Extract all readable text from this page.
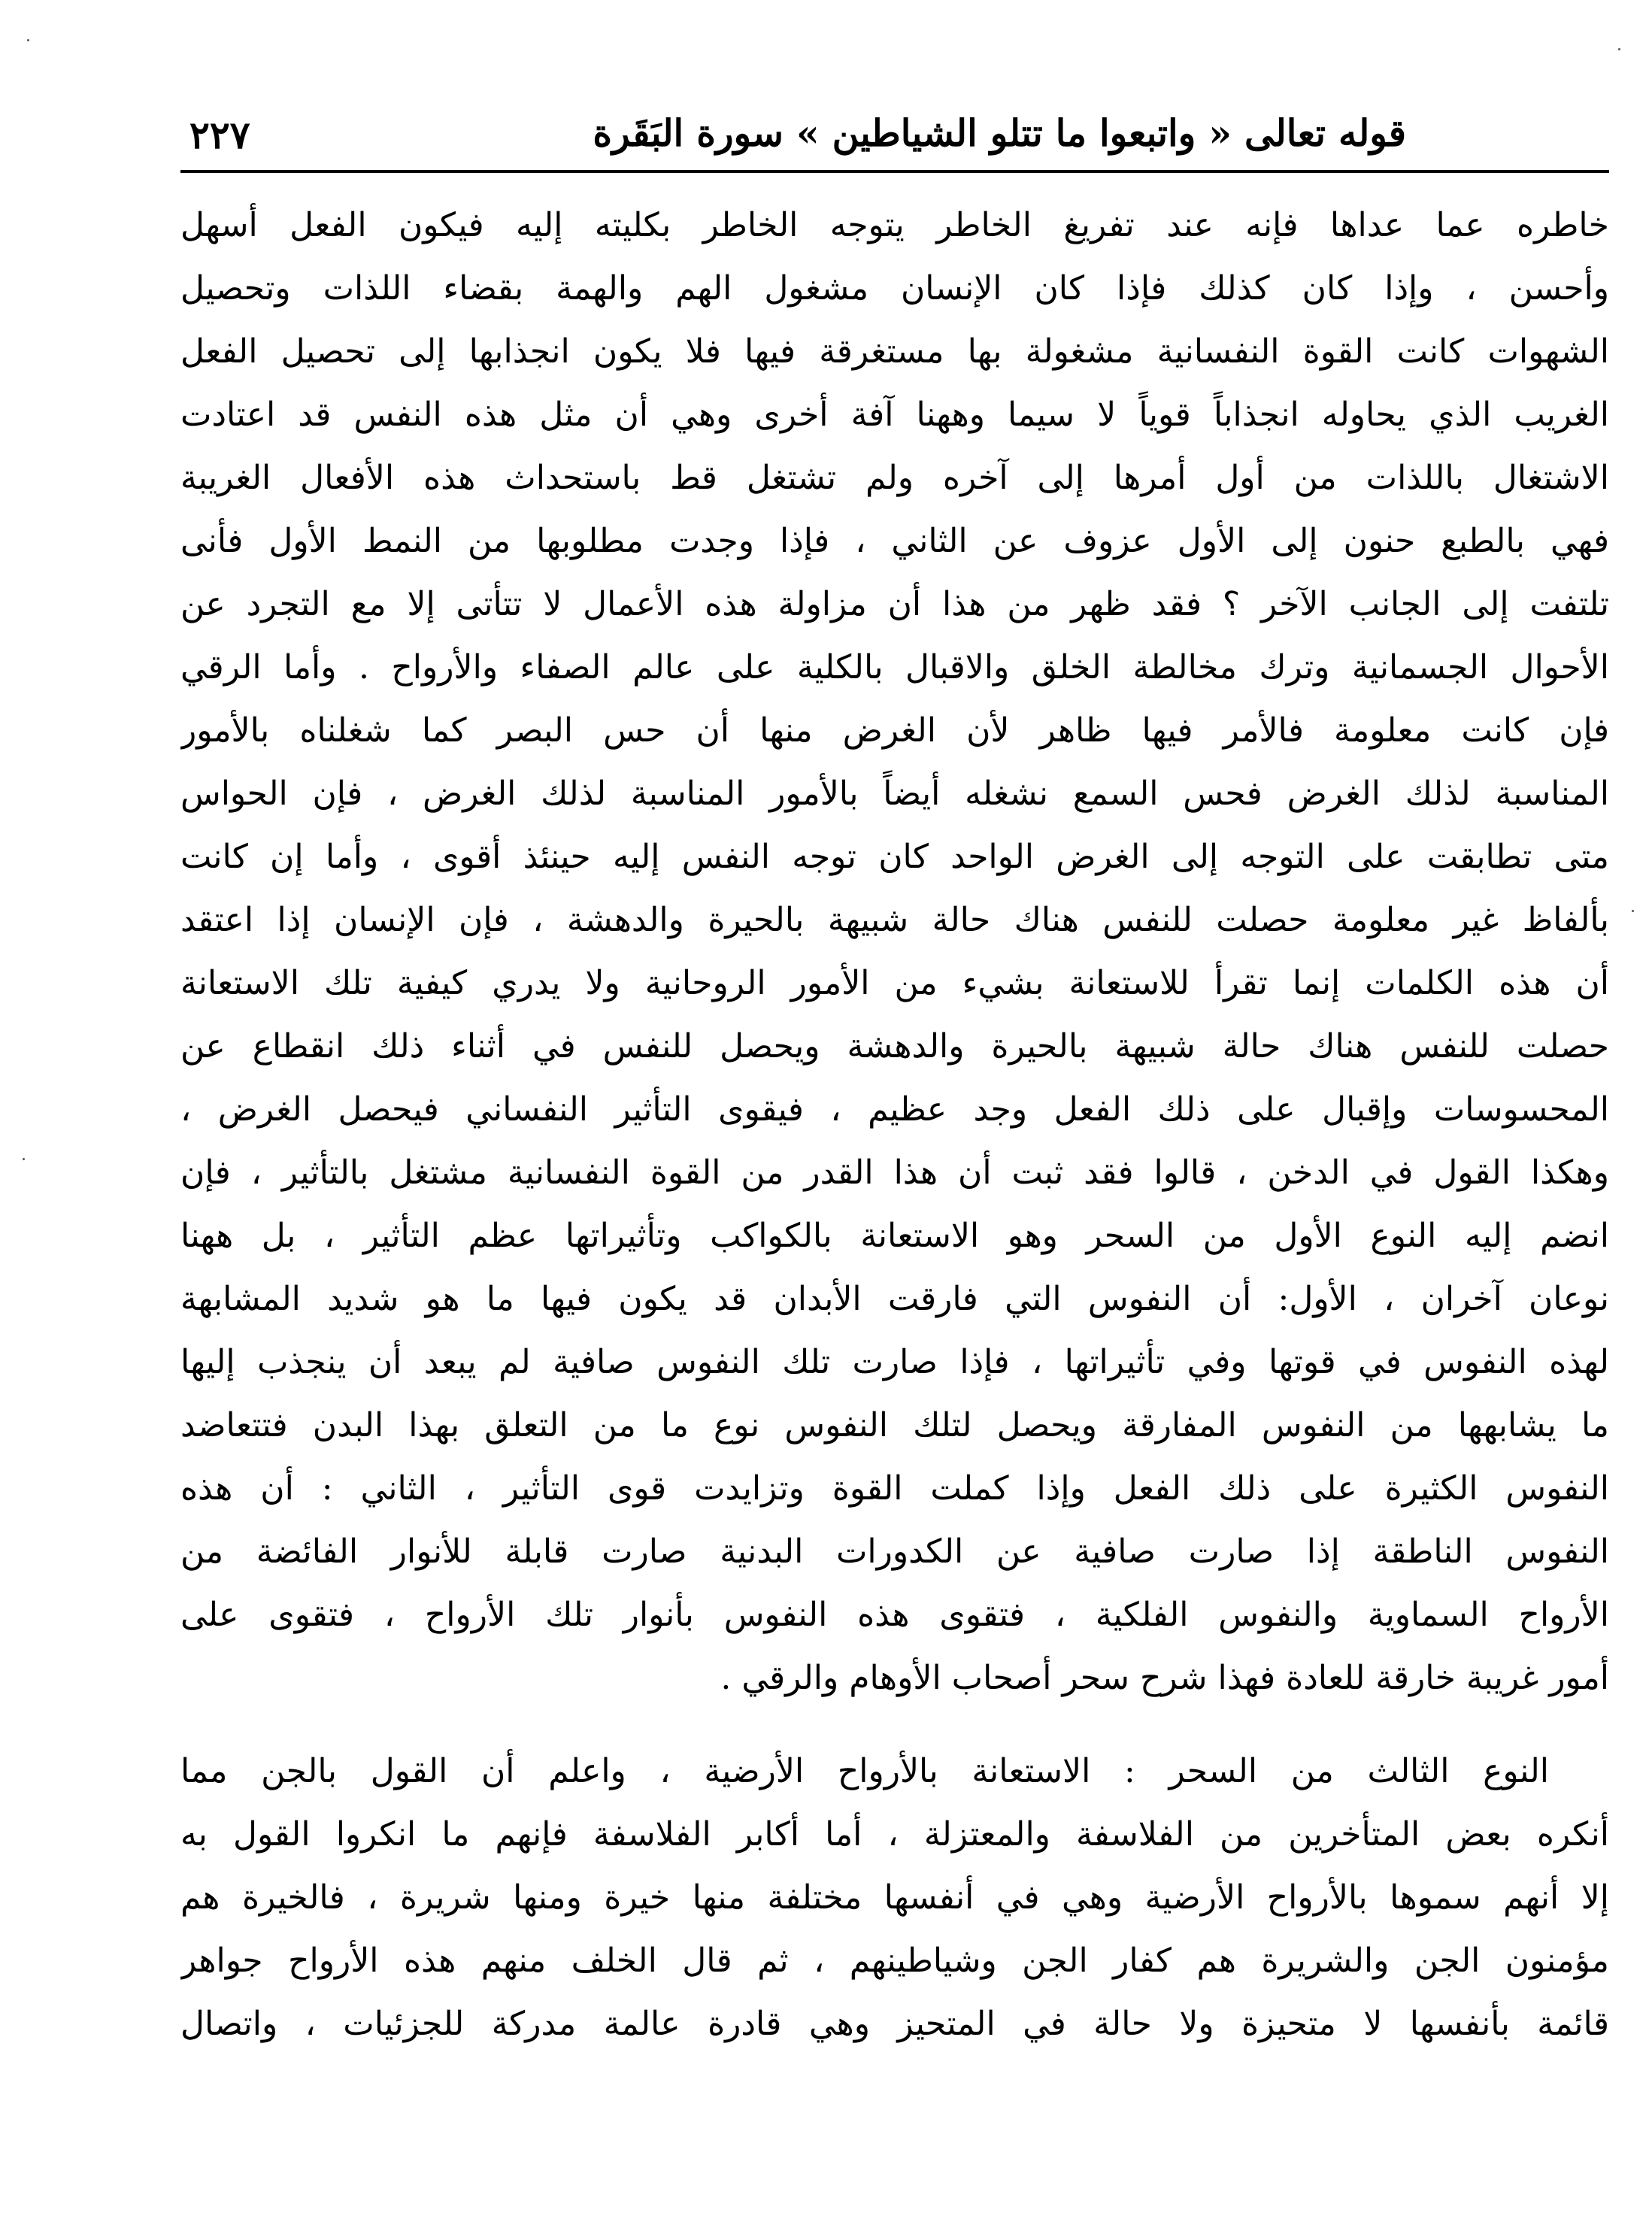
قوله تعالى « واتبعوا ما تتلو الشياطين » سورة البَقَرة
٢٢٧
خاطره عما عداها فإنه عند تفريغ الخاطر يتوجه الخاطر بكليته إليه فيكون الفعل أسهل
وأحسن ، وإذا كان كذلك فإذا كان الإنسان مشغول الهم والهمة بقضاء اللذات وتحصيل
الشهوات كانت القوة النفسانية مشغولة بها مستغرقة فيها فلا يكون انجذابها إلى تحصيل الفعل
الغريب الذي يحاوله انجذاباً قوياً لا سيما وههنا آفة أخرى وهي أن مثل هذه النفس قد اعتادت
الاشتغال باللذات من أول أمرها إلى آخره ولم تشتغل قط باستحداث هذه الأفعال الغريبة
فهي بالطبع حنون إلى الأول عزوف عن الثاني ، فإذا وجدت مطلوبها من النمط الأول فأنى
تلتفت إلى الجانب الآخر ؟ فقد ظهر من هذا أن مزاولة هذه الأعمال لا تتأتى إلا مع التجرد عن
الأحوال الجسمانية وترك مخالطة الخلق والاقبال بالكلية على عالم الصفاء والأرواح . وأما الرقي
فإن كانت معلومة فالأمر فيها ظاهر لأن الغرض منها أن حس البصر كما شغلناه بالأمور
المناسبة لذلك الغرض فحس السمع نشغله أيضاً بالأمور المناسبة لذلك الغرض ، فإن الحواس
متى تطابقت على التوجه إلى الغرض الواحد كان توجه النفس إليه حينئذ أقوى ، وأما إن كانت
بألفاظ غير معلومة حصلت للنفس هناك حالة شبيهة بالحيرة والدهشة ، فإن الإنسان إذا اعتقد
أن هذه الكلمات إنما تقرأ للاستعانة بشيء من الأمور الروحانية ولا يدري كيفية تلك الاستعانة
حصلت للنفس هناك حالة شبيهة بالحيرة والدهشة ويحصل للنفس في أثناء ذلك انقطاع عن
المحسوسات وإقبال على ذلك الفعل وجد عظيم ، فيقوى التأثير النفساني فيحصل الغرض ،
وهكذا القول في الدخن ، قالوا فقد ثبت أن هذا القدر من القوة النفسانية مشتغل بالتأثير ، فإن
انضم إليه النوع الأول من السحر وهو الاستعانة بالكواكب وتأثيراتها عظم التأثير ، بل ههنا
نوعان آخران ، الأول: أن النفوس التي فارقت الأبدان قد يكون فيها ما هو شديد المشابهة
لهذه النفوس في قوتها وفي تأثيراتها ، فإذا صارت تلك النفوس صافية لم يبعد أن ينجذب إليها
ما يشابهها من النفوس المفارقة ويحصل لتلك النفوس نوع ما من التعلق بهذا البدن فتتعاضد
النفوس الكثيرة على ذلك الفعل وإذا كملت القوة وتزايدت قوى التأثير ، الثاني : أن هذه
النفوس الناطقة إذا صارت صافية عن الكدورات البدنية صارت قابلة للأنوار الفائضة من
الأرواح السماوية والنفوس الفلكية ، فتقوى هذه النفوس بأنوار تلك الأرواح ، فتقوى على
أمور غريبة خارقة للعادة فهذا شرح سحر أصحاب الأوهام والرقي .
النوع الثالث من السحر : الاستعانة بالأرواح الأرضية ، واعلم أن القول بالجن مما
أنكره بعض المتأخرين من الفلاسفة والمعتزلة ، أما أكابر الفلاسفة فإنهم ما انكروا القول به
إلا أنهم سموها بالأرواح الأرضية وهي في أنفسها مختلفة منها خيرة ومنها شريرة ، فالخيرة هم
مؤمنون الجن والشريرة هم كفار الجن وشياطينهم ، ثم قال الخلف منهم هذه الأرواح جواهر
قائمة بأنفسها لا متحيزة ولا حالة في المتحيز وهي قادرة عالمة مدركة للجزئيات ، واتصال
